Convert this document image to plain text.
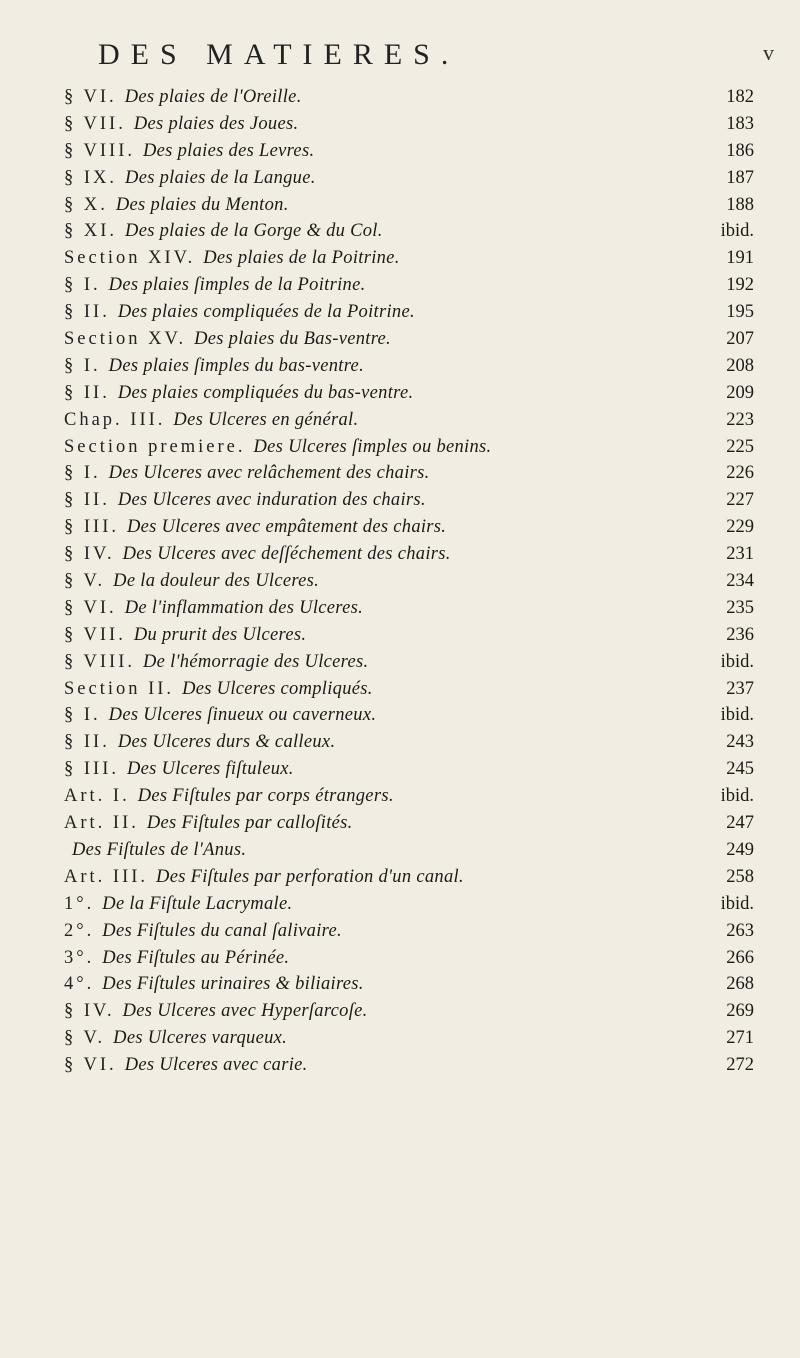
DES MATIERES.	v
§ VI. Des plaies de l'Oreille.	182
§ VII. Des plaies des Joues.	183
§ VIII. Des plaies des Levres.	186
§ IX. Des plaies de la Langue.	187
§ X. Des plaies du Menton.	188
§ XI. Des plaies de la Gorge & du Col.	ibid.
Section XIV. Des plaies de la Poitrine.	191
§ I. Des plaies ſimples de la Poitrine.	192
§ II. Des plaies compliquées de la Poitrine.	195
Section XV. Des plaies du Bas-ventre.	207
§ I. Des plaies ſimples du bas-ventre.	208
§ II. Des plaies compliquées du bas-ventre.	209
Chap. III. Des Ulceres en général.	223
Section premiere. Des Ulceres ſimples ou benins.	225
§ I. Des Ulceres avec relâchement des chairs.	226
§ II. Des Ulceres avec induration des chairs.	227
§ III. Des Ulceres avec empâtement des chairs.	229
§ IV. Des Ulceres avec deſſéchement des chairs.	231
§ V. De la douleur des Ulceres.	234
§ VI. De l'inflammation des Ulceres.	235
§ VII. Du prurit des Ulceres.	236
§ VIII. De l'hémorragie des Ulceres.	ibid.
Section II. Des Ulceres compliqués.	237
§ I. Des Ulceres ſinueux ou caverneux.	ibid.
§ II. Des Ulceres durs & calleux.	243
§ III. Des Ulceres fiſtuleux.	245
Art. I. Des Fiſtules par corps étrangers.	ibid.
Art. II. Des Fiſtules par calloſités.	247
Des Fiſtules de l'Anus.	249
Art. III. Des Fiſtules par perforation d'un canal.	258
1°. De la Fiſtule Lacrymale.	ibid.
2°. Des Fiſtules du canal ſalivaire.	263
3°. Des Fiſtules au Périnée.	266
4°. Des Fiſtules urinaires & biliaires.	268
§ IV. Des Ulceres avec Hyperſarcoſe.	269
§ V. Des Ulceres varqueux.	271
§ VI. Des Ulceres avec carie.	272
